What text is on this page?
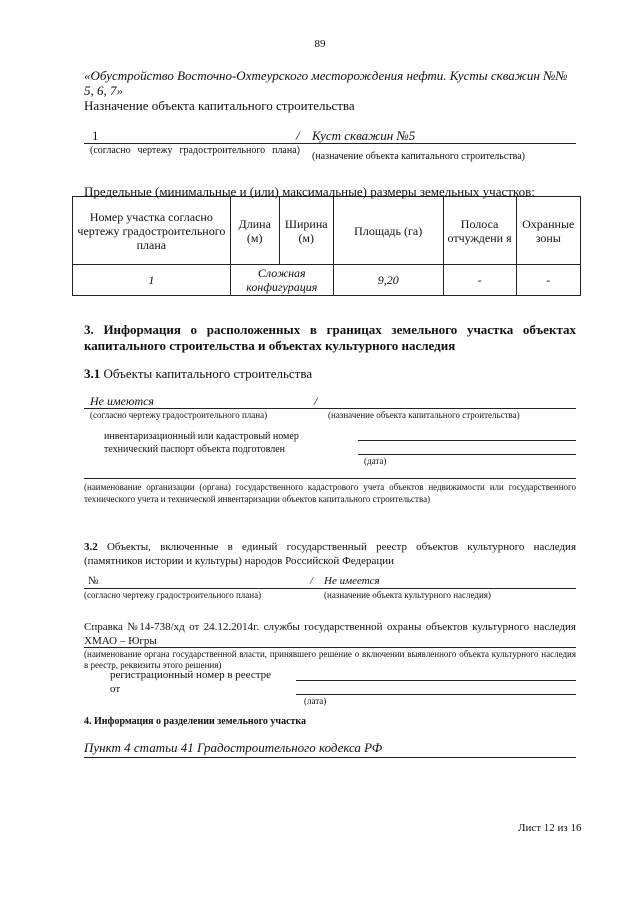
89
«Обустройство Восточно-Охтеурского месторождения нефти. Кусты скважин №№ 5, 6, 7»
Назначение объекта капитального строительства
1	/ Куст скважин №5
(согласно чертежу градостроительного плана)
(назначение объекта капитального строительства)
Предельные (минимальные и (или) максимальные) размеры земельных участков:
Номер участка согласно чертежу градостроительного плана	Длина (м)	Ширина (м)	Площадь (га)	Полоса отчуждени я	Охранные зоны
1	Сложная конфигурация		9,20	-	-
3. Информация о расположенных в границах земельного участка объектах капитального строительства и объектах культурного наследия
3.1 Объекты капитального строительства
Не имеются	/
(согласно чертежу градостроительного плана)	(назначение объекта капитального строительства)
инвентаризационный или кадастровый номер технический паспорт объекта подготовлен
(дата)
(наименование организации (органа) государственного кадастрового учета объектов недвижимости или государственного технического учета и технической инвентаризации объектов капитального строительства)
3.2 Объекты, включенные в единый государственный реестр объектов культурного наследия (памятников истории и культуры) народов Российской Федерации
№	/ Не имеется
(согласно чертежу градостроительного плана)	(назначение объекта культурного наследия)
Справка №14-738/хд от 24.12.2014г. службы государственной охраны объектов культурного наследия ХМАО – Югры
(наименование органа государственной власти, принявшего решение о включении выявленного объекта культурного наследия в реестр, реквизиты этого решения)
регистрационный номер в реестре
от
(лата)
4. Информация о разделении земельного участка
Пункт 4 статьи 41 Градостроительного кодекса РФ
Лист 12 из 16
